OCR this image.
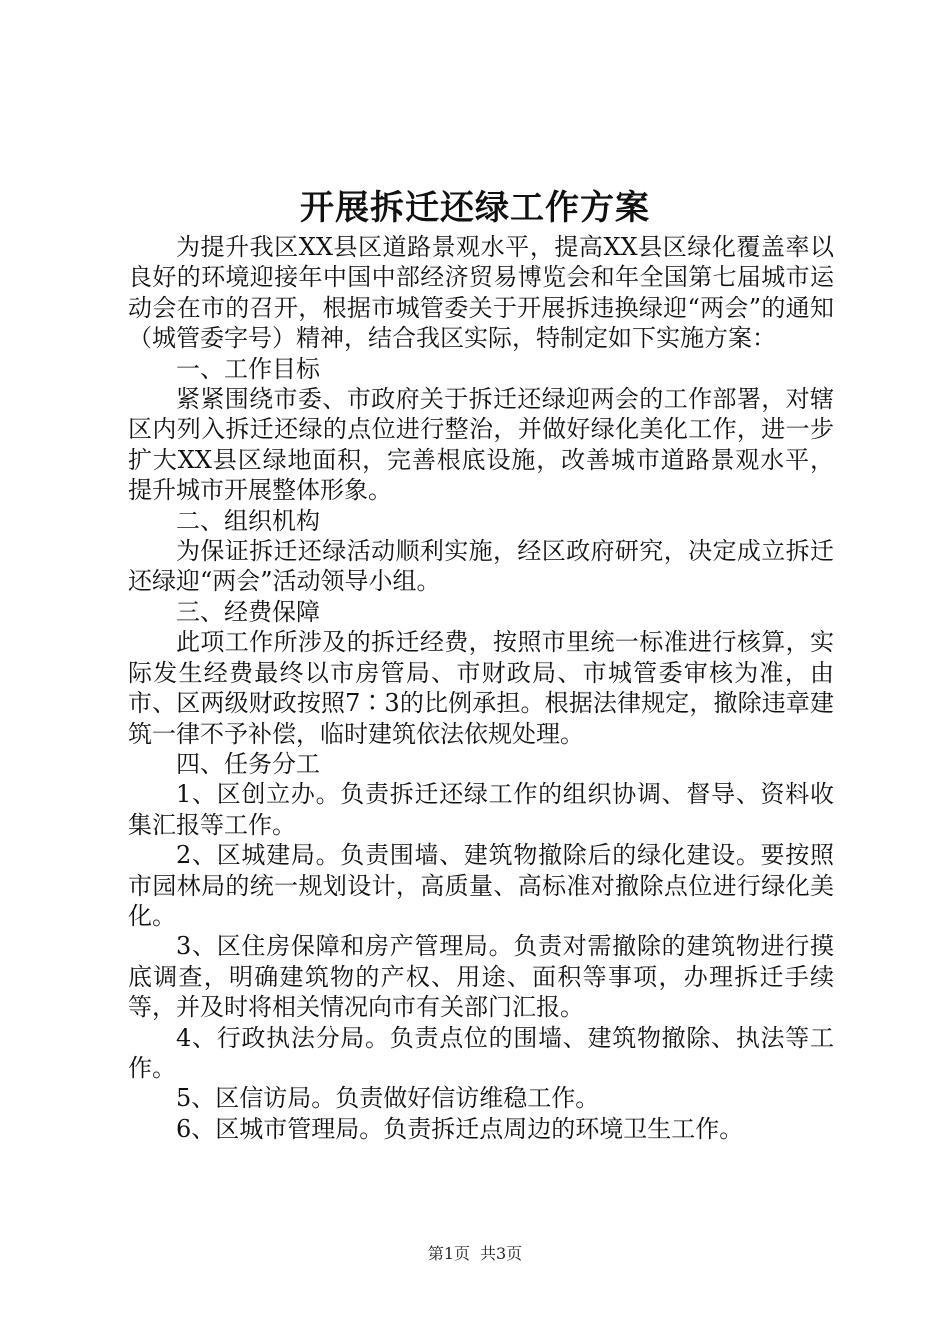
开展拆迁还绿工作方案

为提升我区XX县区道路景观水平，提高XX县区绿化覆盖率以良好的环境迎接年中国中部经济贸易博览会和年全国第七届城市运动会在市的召开，根据市城管委关于开展拆违换绿迎“两会”的通知（城管委字号）精神，结合我区实际，特制定如下实施方案：

一、工作目标

紧紧围绕市委、市政府关于拆迁还绿迎两会的工作部署，对辖区内列入拆迁还绿的点位进行整治，并做好绿化美化工作，进一步扩大XX县区绿地面积，完善根底设施，改善城市道路景观水平，提升城市开展整体形象。

二、组织机构

为保证拆迁还绿活动顺利实施，经区政府研究，决定成立拆迁还绿迎“两会”活动领导小组。

三、经费保障

此项工作所涉及的拆迁经费，按照市里统一标准进行核算，实际发生经费最终以市房管局、市财政局、市城管委审核为准，由市、区两级财政按照7∶3的比例承担。根据法律规定，撤除违章建筑一律不予补偿，临时建筑依法依规处理。

四、任务分工

1、区创立办。负责拆迁还绿工作的组织协调、督导、资料收集汇报等工作。

2、区城建局。负责围墙、建筑物撤除后的绿化建设。要按照市园林局的统一规划设计，高质量、高标准对撤除点位进行绿化美化。

3、区住房保障和房产管理局。负责对需撤除的建筑物进行摸底调查，明确建筑物的产权、用途、面积等事项，办理拆迁手续等，并及时将相关情况向市有关部门汇报。

4、行政执法分局。负责点位的围墙、建筑物撤除、执法等工作。

5、区信访局。负责做好信访维稳工作。

6、区城市管理局。负责拆迁点周边的环境卫生工作。

第1页 共3页
